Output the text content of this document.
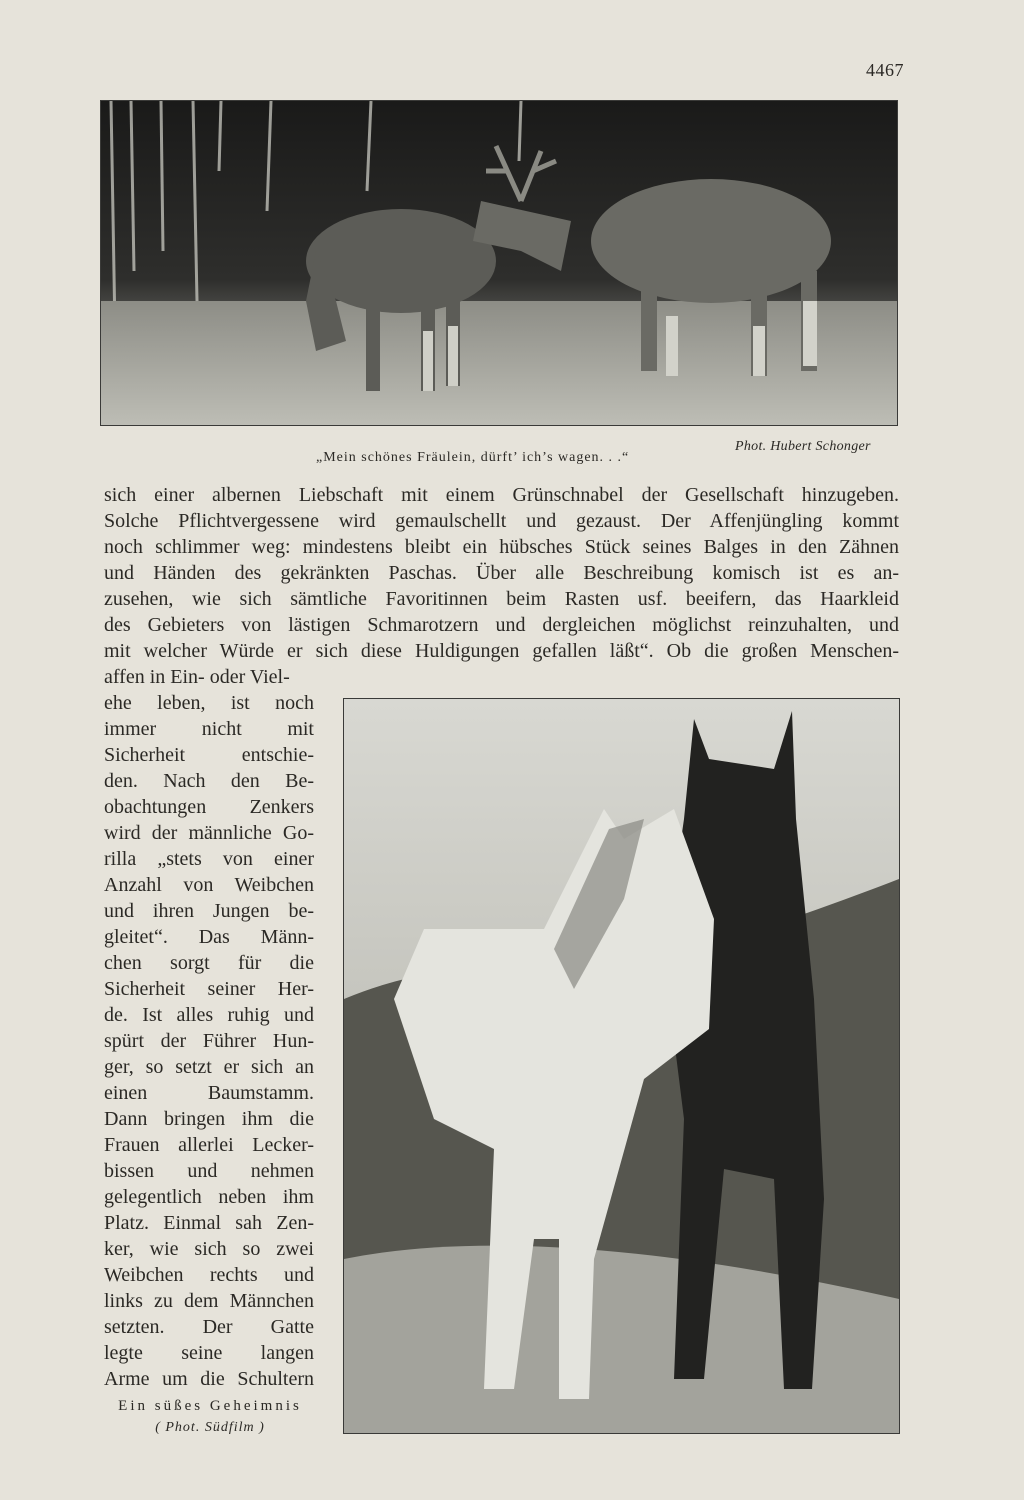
4467
„Mein schönes Fräulein, dürft’ ich’s wagen. . .“
Phot. Hubert Schonger
sich einer albernen Liebschaft mit einem Grünschnabel der Gesellschaft hinzugeben.
Solche Pflichtvergessene wird gemaulschellt und gezaust. Der Affenjüngling kommt
noch schlimmer weg: mindestens bleibt ein hübsches Stück seines Balges in den Zähnen
und Händen des gekränkten Paschas. Über alle Beschreibung komisch ist es an-
zusehen, wie sich sämtliche Favoritinnen beim Rasten usf. beeifern, das Haarkleid
des Gebieters von lästigen Schmarotzern und dergleichen möglichst reinzuhalten, und
mit welcher Würde er sich diese Huldigungen gefallen läßt“. Ob die großen Menschen-
affen in Ein- oder Viel-
ehe leben, ist noch
immer nicht mit
Sicherheit entschie-
den. Nach den Be-
obachtungen Zenkers
wird der männliche Go-
rilla „stets von einer
Anzahl von Weibchen
und ihren Jungen be-
gleitet“. Das Männ-
chen sorgt für die
Sicherheit seiner Her-
de. Ist alles ruhig und
spürt der Führer Hun-
ger, so setzt er sich an
einen Baumstamm.
Dann bringen ihm die
Frauen allerlei Lecker-
bissen und nehmen
gelegentlich neben ihm
Platz. Einmal sah Zen-
ker, wie sich so zwei
Weibchen rechts und
links zu dem Männchen
setzten. Der Gatte
legte seine langen
Arme um die Schultern
Ein süßes Geheimnis
( Phot. Südfilm )
